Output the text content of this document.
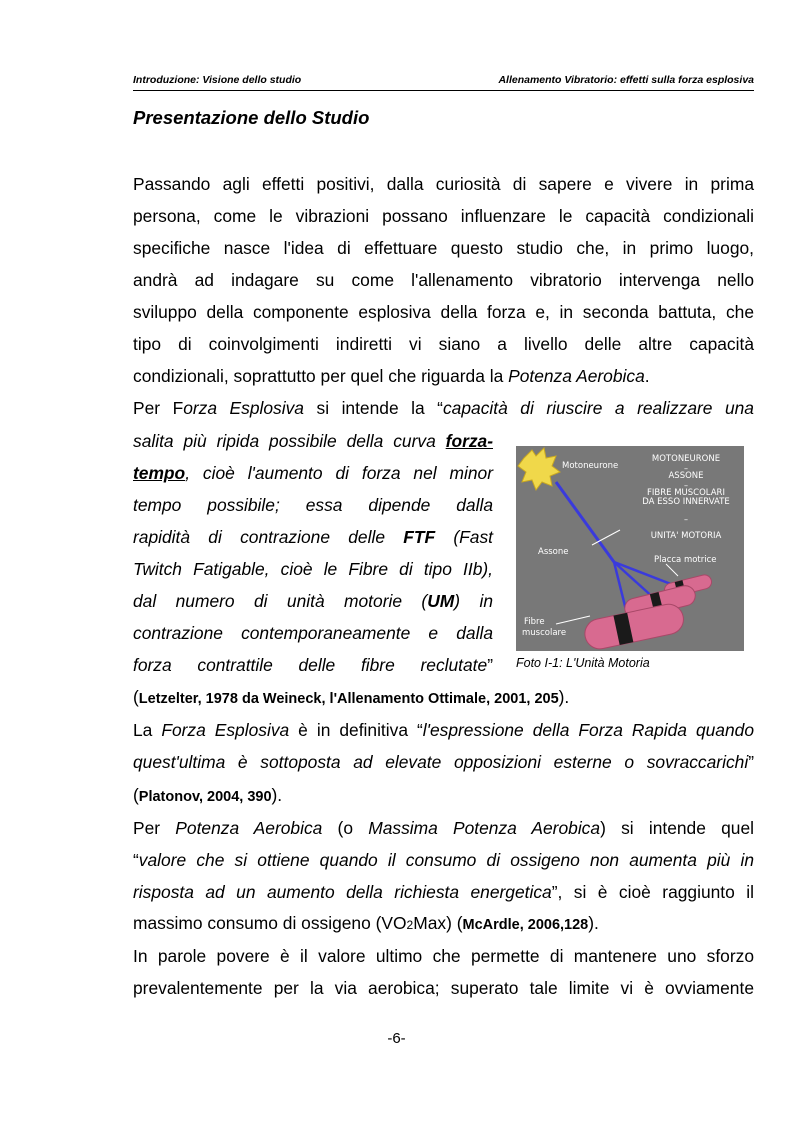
Introduzione: Visione dello studio	Allenamento Vibratorio: effetti sulla forza esplosiva
Presentazione dello Studio
Passando agli effetti positivi, dalla curiosità di sapere e vivere in prima
persona, come le vibrazioni possano influenzare le capacità condizionali
specifiche nasce l'idea di effettuare questo studio che, in primo luogo,
andrà ad indagare su come l'allenamento vibratorio intervenga nello
sviluppo della componente esplosiva della forza e, in seconda battuta, che
tipo di coinvolgimenti indiretti vi siano a livello delle altre capacità
condizionali, soprattutto per quel che riguarda la Potenza Aerobica.
Per Forza Esplosiva si intende la “capacità di riuscire a realizzare una
salita più ripida possibile della curva forza-
tempo, cioè l'aumento di forza nel minor
tempo possibile; essa dipende dalla
rapidità di contrazione delle FTF (Fast
Twitch Fatigable, cioè le Fibre di tipo IIb),
dal numero di unità motorie (UM) in
contrazione contemporaneamente e dalla
forza contrattile delle fibre reclutate”
(Letzelter, 1978 da Weineck, l'Allenamento Ottimale, 2001, 205).
MOTONEURONE
–
ASSONE
–
FIBRE MUSCOLARI
DA ESSO INNERVATE
–
UNITA' MOTORIA
Motoneurone
Assone
Placca motrice
Fibre
muscolare
Foto I-1: L'Unità Motoria
La Forza Esplosiva è in definitiva “l'espressione della Forza Rapida quando
quest'ultima è sottoposta ad elevate opposizioni esterne o sovraccarichi”
(Platonov, 2004, 390).
Per Potenza Aerobica (o Massima Potenza Aerobica) si intende quel
“valore che si ottiene quando il consumo di ossigeno non aumenta più in
risposta ad un aumento della richiesta energetica”, si è cioè raggiunto il
massimo consumo di ossigeno (VO2Max) (McArdle, 2006,128).
In parole povere è il valore ultimo che permette di mantenere uno sforzo
prevalentemente per la via aerobica; superato tale limite vi è ovviamente
-6-
